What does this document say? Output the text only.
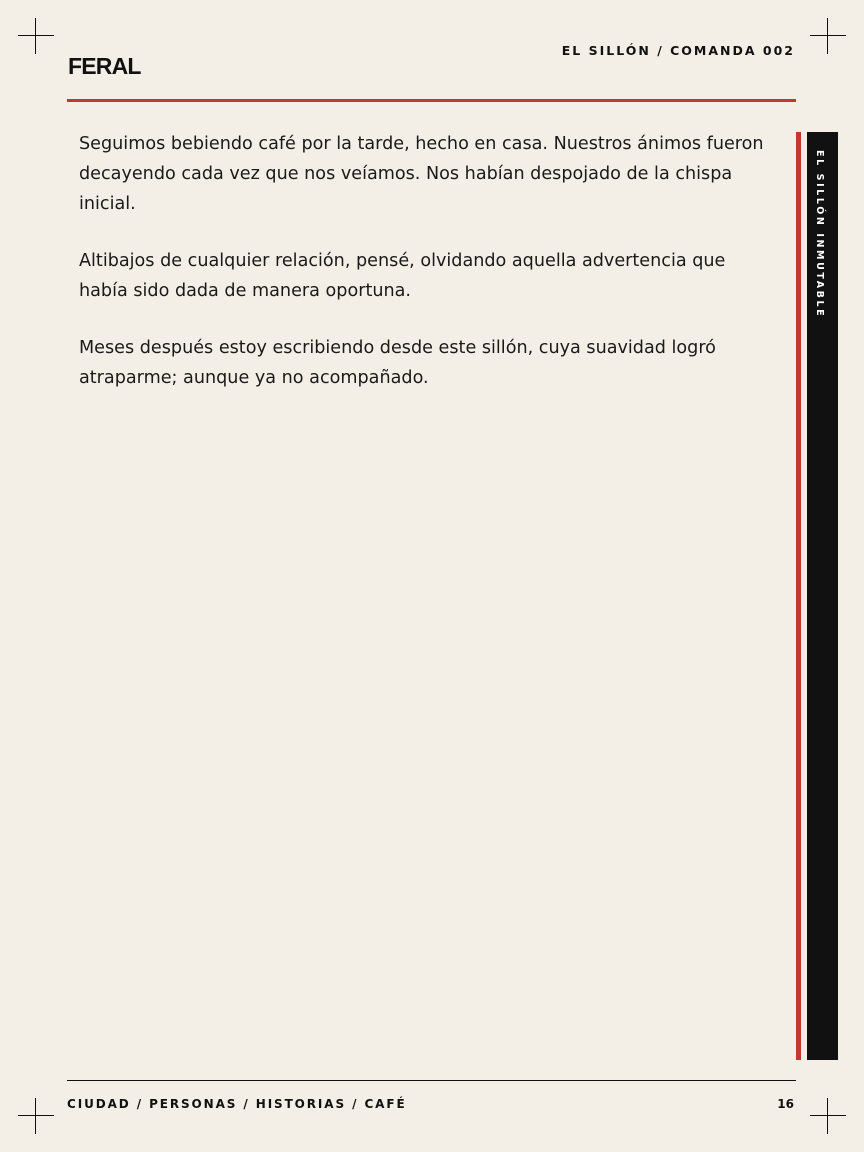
FERAL
EL SILLÓN / COMANDA 002

Seguimos bebiendo café por la tarde, hecho en casa. Nuestros ánimos fueron decayendo cada vez que nos veíamos. Nos habían despojado de la chispa inicial.

Altibajos de cualquier relación, pensé, olvidando aquella advertencia que había sido dada de manera oportuna.

Meses después estoy escribiendo desde este sillón, cuya suavidad logró atraparme; aunque ya no acompañado.

EL SILLÓN INMUTABLE
CIUDAD / PERSONAS / HISTORIAS / CAFÉ	16
